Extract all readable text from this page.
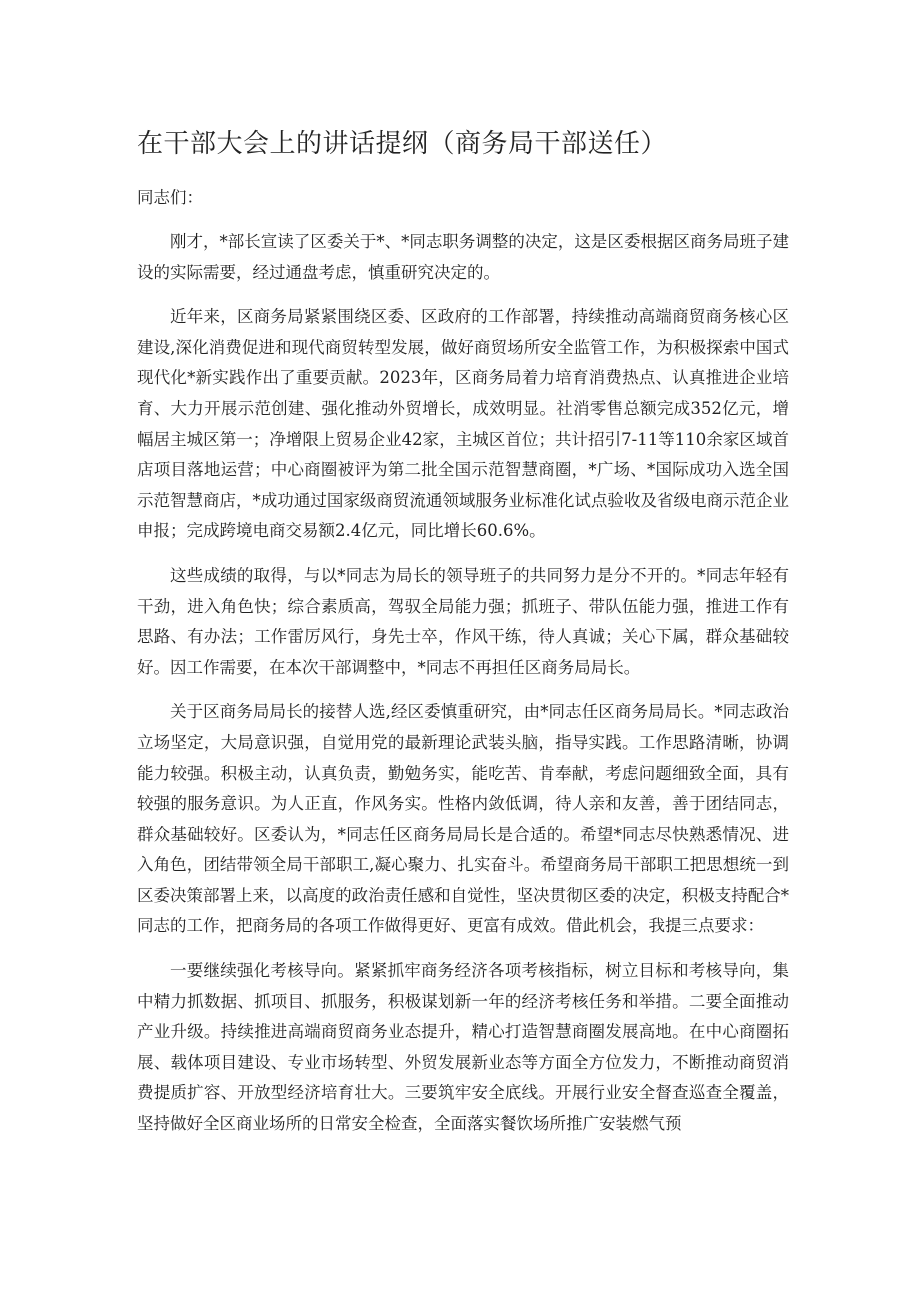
在干部大会上的讲话提纲（商务局干部送任）

同志们：

刚才，*部长宣读了区委关于*、*同志职务调整的决定，这是区委根据区商务局班子建设的实际需要，经过通盘考虑，慎重研究决定的。

近年来，区商务局紧紧围绕区委、区政府的工作部署，持续推动高端商贸商务核心区建设,深化消费促进和现代商贸转型发展，做好商贸场所安全监管工作，为积极探索中国式现代化*新实践作出了重要贡献。2023年，区商务局着力培育消费热点、认真推进企业培育、大力开展示范创建、强化推动外贸增长，成效明显。社消零售总额完成352亿元，增幅居主城区第一；净增限上贸易企业42家，主城区首位；共计招引7-11等110余家区域首店项目落地运营；中心商圈被评为第二批全国示范智慧商圈，*广场、*国际成功入选全国示范智慧商店，*成功通过国家级商贸流通领域服务业标准化试点验收及省级电商示范企业申报；完成跨境电商交易额2.4亿元，同比增长60.6%。

这些成绩的取得，与以*同志为局长的领导班子的共同努力是分不开的。*同志年轻有干劲，进入角色快；综合素质高，驾驭全局能力强；抓班子、带队伍能力强，推进工作有思路、有办法；工作雷厉风行，身先士卒，作风干练，待人真诚；关心下属，群众基础较好。因工作需要，在本次干部调整中，*同志不再担任区商务局局长。

关于区商务局局长的接替人选,经区委慎重研究，由*同志任区商务局局长。*同志政治立场坚定，大局意识强，自觉用党的最新理论武装头脑，指导实践。工作思路清晰，协调能力较强。积极主动，认真负责，勤勉务实，能吃苦、肯奉献，考虑问题细致全面，具有较强的服务意识。为人正直，作风务实。性格内敛低调，待人亲和友善，善于团结同志，群众基础较好。区委认为，*同志任区商务局局长是合适的。希望*同志尽快熟悉情况、进入角色，团结带领全局干部职工,凝心聚力、扎实奋斗。希望商务局干部职工把思想统一到区委决策部署上来，以高度的政治责任感和自觉性，坚决贯彻区委的决定，积极支持配合*同志的工作，把商务局的各项工作做得更好、更富有成效。借此机会，我提三点要求：

一要继续强化考核导向。紧紧抓牢商务经济各项考核指标，树立目标和考核导向，集中精力抓数据、抓项目、抓服务，积极谋划新一年的经济考核任务和举措。二要全面推动产业升级。持续推进高端商贸商务业态提升，精心打造智慧商圈发展高地。在中心商圈拓展、载体项目建设、专业市场转型、外贸发展新业态等方面全方位发力，不断推动商贸消费提质扩容、开放型经济培育壮大。三要筑牢安全底线。开展行业安全督查巡查全覆盖，坚持做好全区商业场所的日常安全检查，全面落实餐饮场所推广安装燃气预
